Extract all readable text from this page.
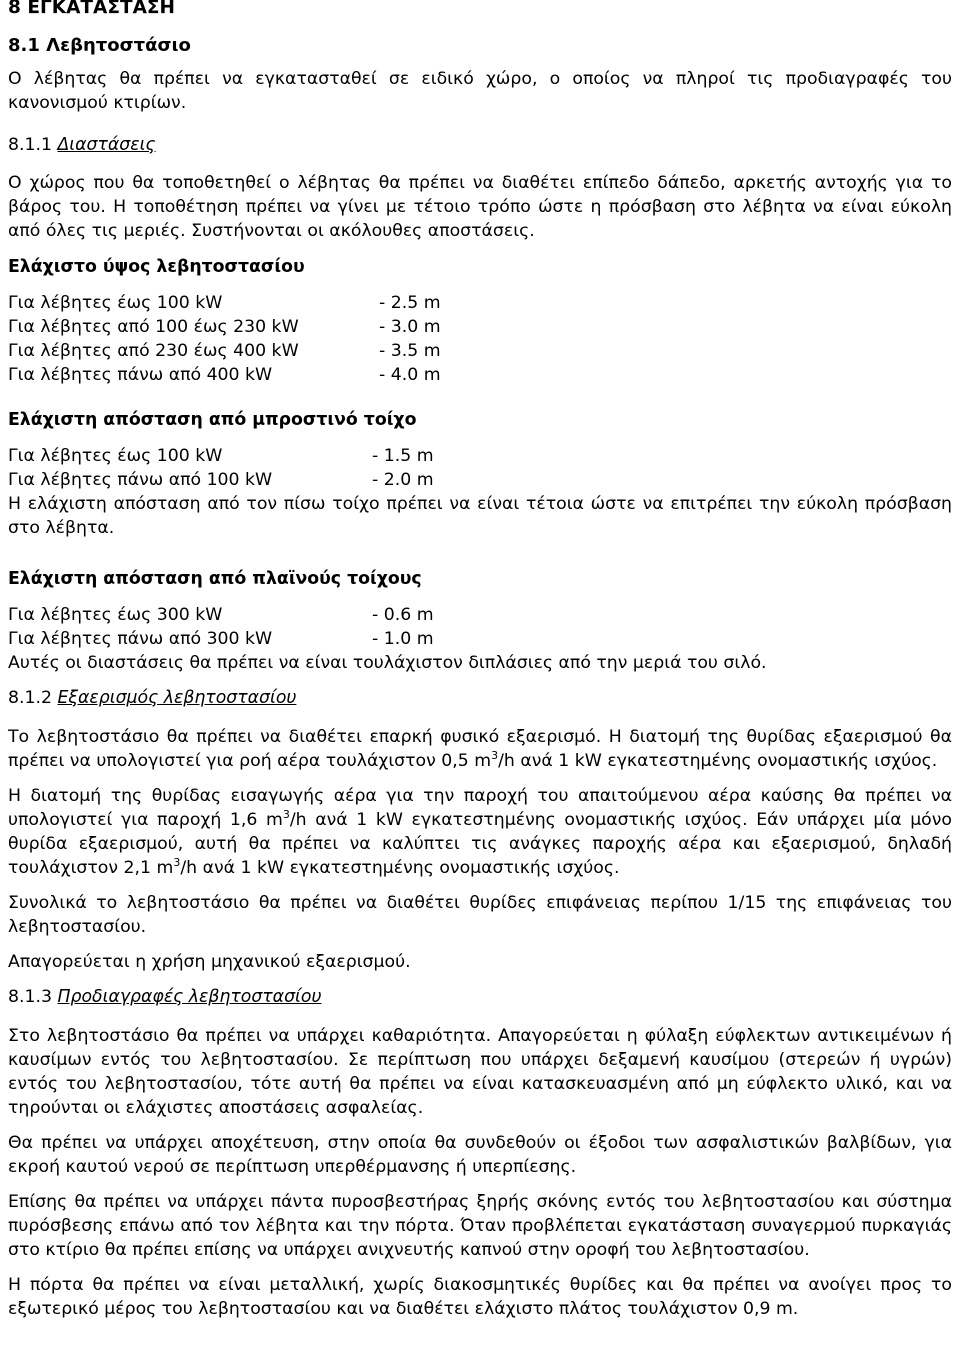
8 ΕΓΚΑΤΑΣΤΑΣΗ
8.1 Λεβητοστάσιο

Ο λέβητας θα πρέπει να εγκατασταθεί σε ειδικό χώρο, ο οποίος να πληροί τις προδιαγραφές του κανονισμού κτιρίων.

8.1.1 Διαστάσεις

Ο χώρος που θα τοποθετηθεί ο λέβητας θα πρέπει να διαθέτει επίπεδο δάπεδο, αρκετής αντοχής για το βάρος του. Η τοποθέτηση πρέπει να γίνει με τέτοιο τρόπο ώστε η πρόσβαση στο λέβητα να είναι εύκολη από όλες τις μεριές. Συστήνονται οι ακόλουθες αποστάσεις.

Ελάχιστο ύψος λεβητοστασίου
Για λέβητες έως 100 kW	- 2.5 m
Για λέβητες από 100 έως 230 kW	- 3.0 m
Για λέβητες από 230 έως 400 kW	- 3.5 m
Για λέβητες πάνω από 400 kW	- 4.0 m
Ελάχιστη απόσταση από μπροστινό τοίχο
Για λέβητες έως 100 kW	- 1.5 m
Για λέβητες πάνω από 100 kW	- 2.0 m

Η ελάχιστη απόσταση από τον πίσω τοίχο πρέπει να είναι τέτοια ώστε να επιτρέπει την εύκολη πρόσβαση στο λέβητα.

Ελάχιστη απόσταση από πλαϊνούς τοίχους
Για λέβητες έως 300 kW	- 0.6 m
Για λέβητες πάνω από 300 kW	- 1.0 m

Αυτές οι διαστάσεις θα πρέπει να είναι τουλάχιστον διπλάσιες από την μεριά του σιλό.

8.1.2 Εξαερισμός λεβητοστασίου

Το λεβητοστάσιο θα πρέπει να διαθέτει επαρκή φυσικό εξαερισμό. Η διατομή της θυρίδας εξαερισμού θα πρέπει να υπολογιστεί για ροή αέρα τουλάχιστον 0,5 $m^3/h$ ανά 1 kW εγκατεστημένης ονομαστικής ισχύος.

Η διατομή της θυρίδας εισαγωγής αέρα για την παροχή του απαιτούμενου αέρα καύσης θα πρέπει να υπολογιστεί για παροχή 1,6 $m^3/h$ ανά 1 kW εγκατεστημένης ονομαστικής ισχύος. Εάν υπάρχει μία μόνο θυρίδα εξαερισμού, αυτή θα πρέπει να καλύπτει τις ανάγκες παροχής αέρα και εξαερισμού, δηλαδή τουλάχιστον 2,1 $m^3/h$ ανά 1 kW εγκατεστημένης ονομαστικής ισχύος.

Συνολικά το λεβητοστάσιο θα πρέπει να διαθέτει θυρίδες επιφάνειας περίπου 1/15 της επιφάνειας του λεβητοστασίου.

Απαγορεύεται η χρήση μηχανικού εξαερισμού.

8.1.3 Προδιαγραφές λεβητοστασίου

Στο λεβητοστάσιο θα πρέπει να υπάρχει καθαριότητα. Απαγορεύεται η φύλαξη εύφλεκτων αντικειμένων ή καυσίμων εντός του λεβητοστασίου. Σε περίπτωση που υπάρχει δεξαμενή καυσίμου (στερεών ή υγρών) εντός του λεβητοστασίου, τότε αυτή θα πρέπει να είναι κατασκευασμένη από μη εύφλεκτο υλικό, και να τηρούνται οι ελάχιστες αποστάσεις ασφαλείας.

Θα πρέπει να υπάρχει αποχέτευση, στην οποία θα συνδεθούν οι έξοδοι των ασφαλιστικών βαλβίδων, για εκροή καυτού νερού σε περίπτωση υπερθέρμανσης ή υπερπίεσης.

Επίσης θα πρέπει να υπάρχει πάντα πυροσβεστήρας ξηρής σκόνης εντός του λεβητοστασίου και σύστημα πυρόσβεσης επάνω από τον λέβητα και την πόρτα. Όταν προβλέπεται εγκατάσταση συναγερμού πυρκαγιάς στο κτίριο θα πρέπει επίσης να υπάρχει ανιχνευτής καπνού στην οροφή του λεβητοστασίου.

Η πόρτα θα πρέπει να είναι μεταλλική, χωρίς διακοσμητικές θυρίδες και θα πρέπει να ανοίγει προς το εξωτερικό μέρος του λεβητοστασίου και να διαθέτει ελάχιστο πλάτος τουλάχιστον 0,9 m.
